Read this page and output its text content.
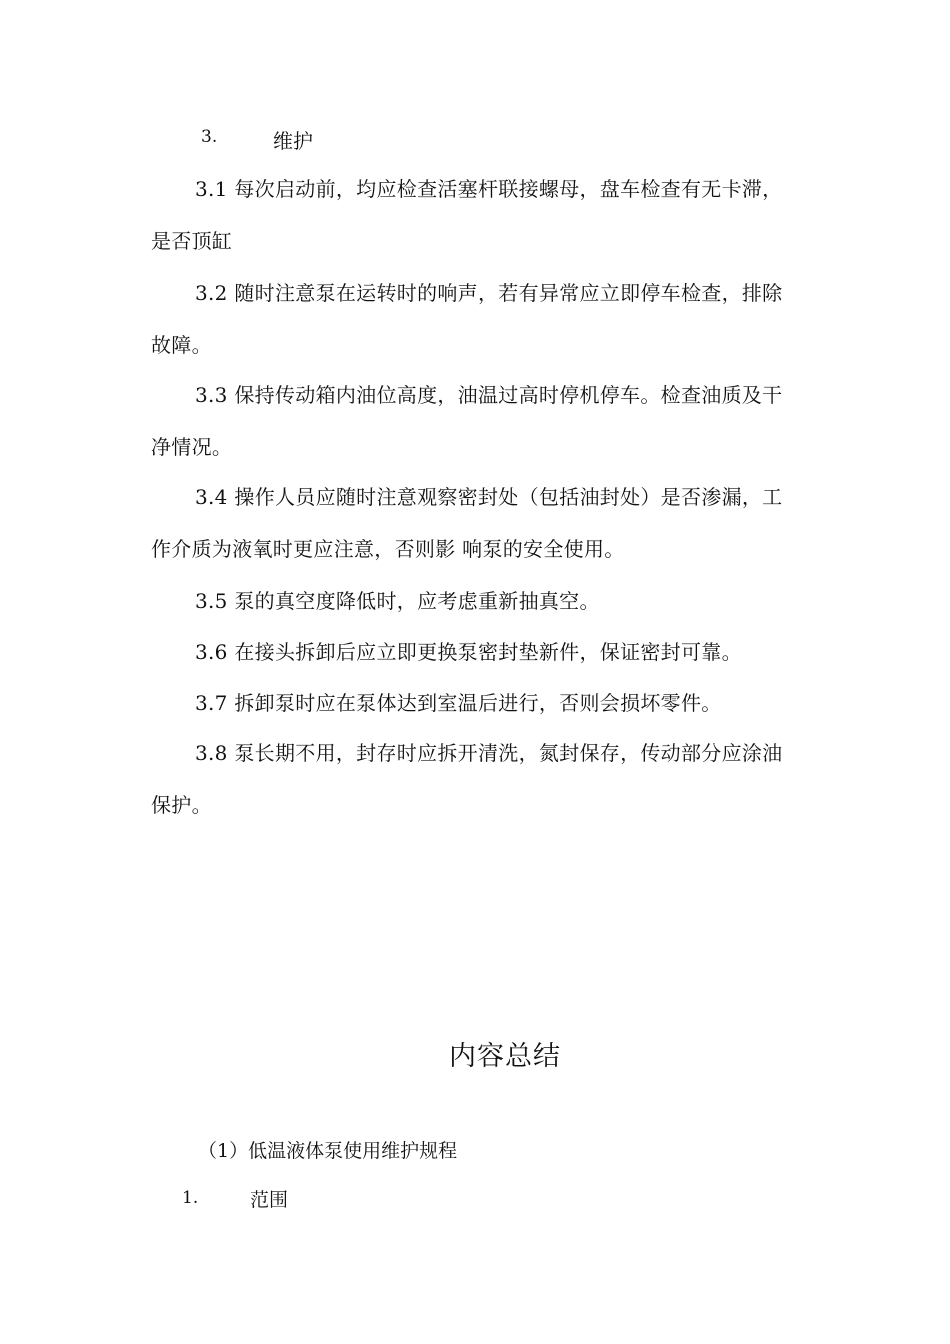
3.	维护

3.1 每次启动前，均应检查活塞杆联接螺母，盘车检查有无卡滞，是否顶缸

3.2 随时注意泵在运转时的响声，若有异常应立即停车检查，排除故障。

3.3 保持传动箱内油位高度，油温过高时停机停车。检查油质及干净情况。

3.4 操作人员应随时注意观察密封处（包括油封处）是否渗漏，工作介质为液氧时更应注意，否则影 响泵的安全使用。

3.5 泵的真空度降低时，应考虑重新抽真空。

3.6 在接头拆卸后应立即更换泵密封垫新件，保证密封可靠。

3.7 拆卸泵时应在泵体达到室温后进行，否则会损坏零件。

3.8 泵长期不用，封存时应拆开清洗，氮封保存，传动部分应涂油保护。

内容总结
（1）低温液体泵使用维护规程
1.	范围
